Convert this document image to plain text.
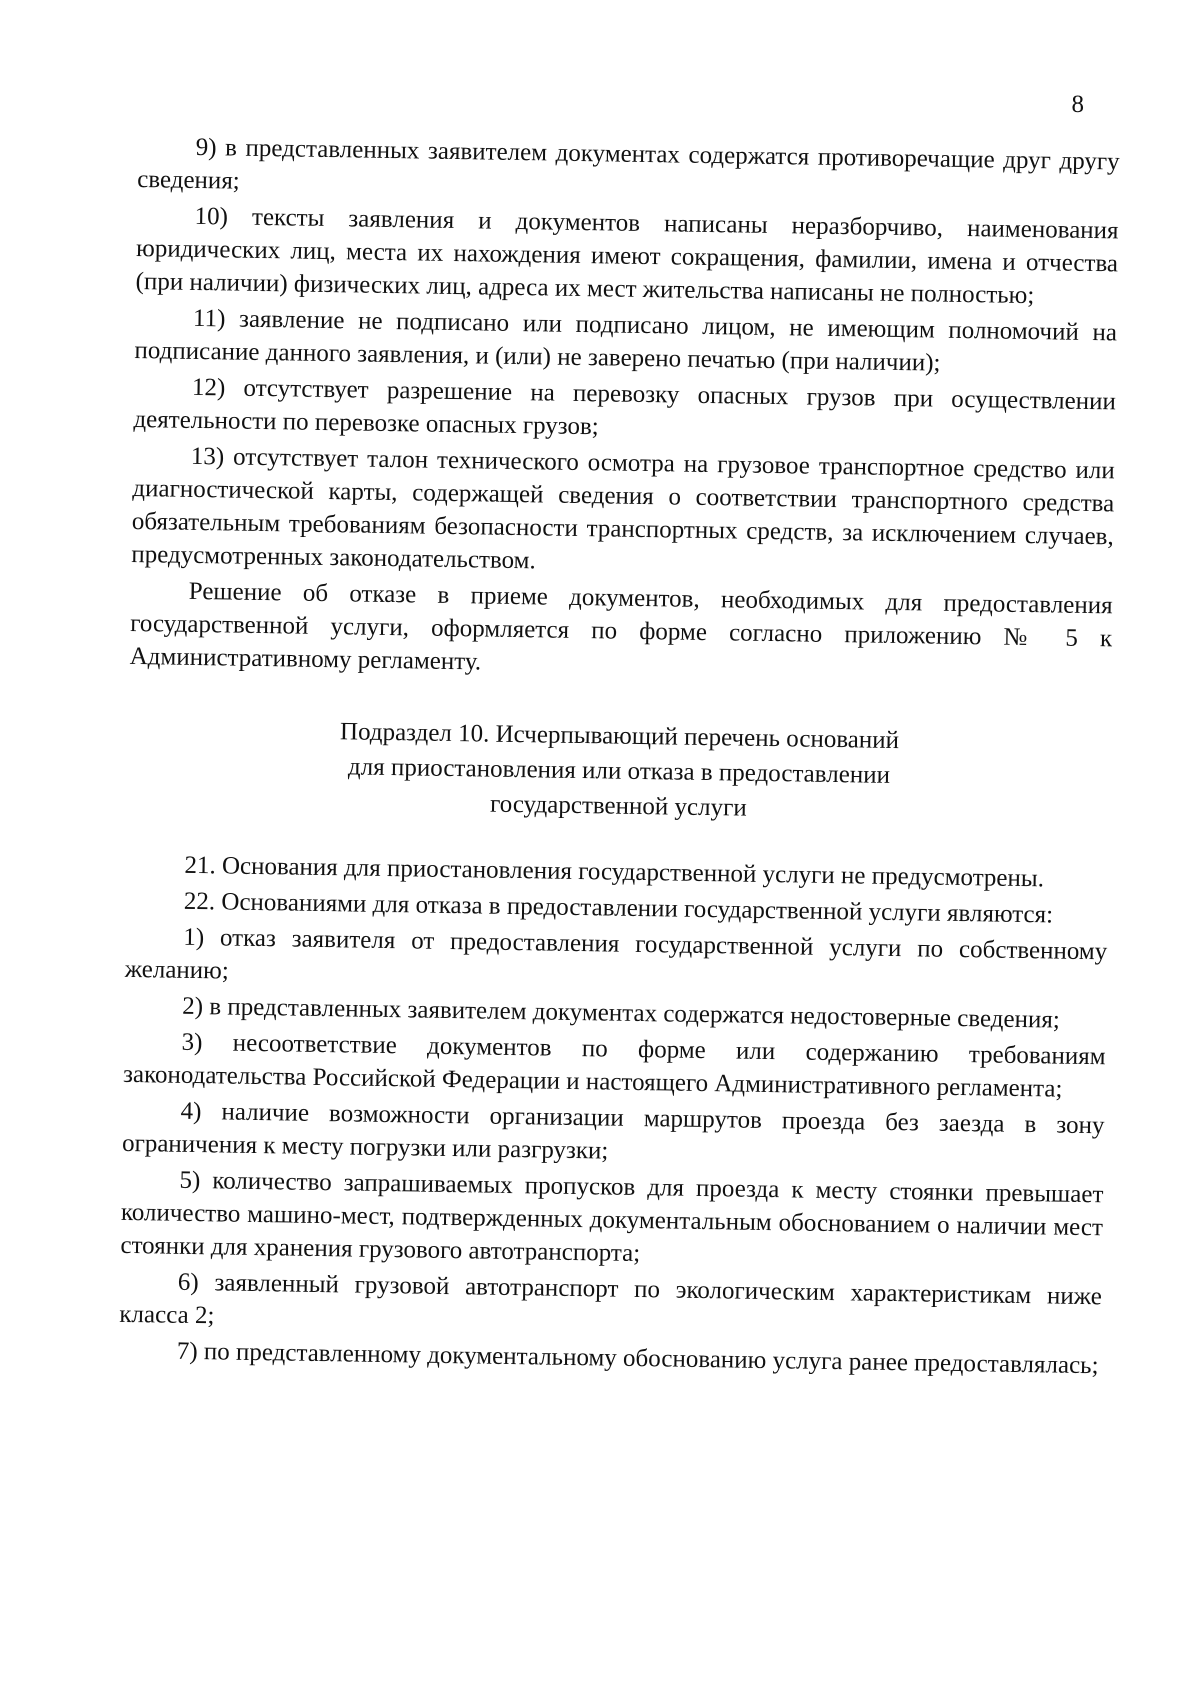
8

9) в представленных заявителем документах содержатся противоречащие друг другу сведения;

10) тексты заявления и документов написаны неразборчиво, наименования юридических лиц, места их нахождения имеют сокращения, фамилии, имена и отчества (при наличии) физических лиц, адреса их мест жительства написаны не полностью;

11) заявление не подписано или подписано лицом, не имеющим полномочий на подписание данного заявления, и (или) не заверено печатью (при наличии);

12) отсутствует разрешение на перевозку опасных грузов при осуществлении деятельности по перевозке опасных грузов;

13) отсутствует талон технического осмотра на грузовое транспортное средство или диагностической карты, содержащей сведения о соответствии транспортного средства обязательным требованиям безопасности транспортных средств, за исключением случаев, предусмотренных законодательством.

Решение об отказе в приеме документов, необходимых для предоставления государственной услуги, оформляется по форме согласно приложению № 5 к Административному регламенту.

Подраздел 10. Исчерпывающий перечень оснований
для приостановления или отказа в предоставлении
государственной услуги

21. Основания для приостановления государственной услуги не предусмотрены.

22. Основаниями для отказа в предоставлении государственной услуги являются:

1) отказ заявителя от предоставления государственной услуги по собственному желанию;

2) в представленных заявителем документах содержатся недостоверные сведения;

3) несоответствие документов по форме или содержанию требованиям законодательства Российской Федерации и настоящего Административного регламента;

4) наличие возможности организации маршрутов проезда без заезда в зону ограничения к месту погрузки или разгрузки;

5) количество запрашиваемых пропусков для проезда к месту стоянки превышает количество машино-мест, подтвержденных документальным обоснованием о наличии мест стоянки для хранения грузового автотранспорта;

6) заявленный грузовой автотранспорт по экологическим характеристикам ниже класса 2;

7) по представленному документальному обоснованию услуга ранее предоставлялась;
